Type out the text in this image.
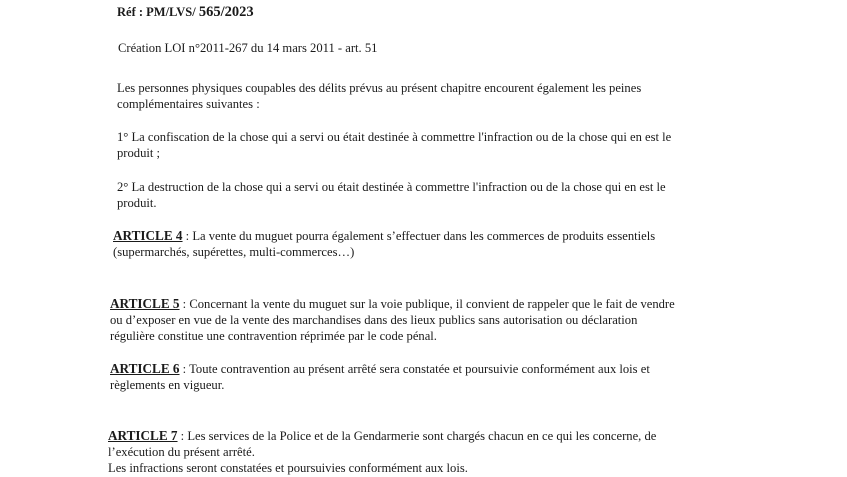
Réf : PM/LVS/ 565/2023

Création LOI n°2011-267 du 14 mars 2011 - art. 51

Les personnes physiques coupables des délits prévus au présent chapitre encourent également les peines

complémentaires suivantes :

1° La confiscation de la chose qui a servi ou était destinée à commettre l'infraction ou de la chose qui en est le

produit ;

2° La destruction de la chose qui a servi ou était destinée à commettre l'infraction ou de la chose qui en est le

produit.

ARTICLE 4 : La vente du muguet pourra également s’effectuer dans les commerces de produits essentiels

(supermarchés, supérettes, multi-commerces…)

ARTICLE 5 : Concernant la vente du muguet sur la voie publique, il convient de rappeler que le fait de vendre

ou d’exposer en vue de la vente des marchandises dans des lieux publics sans autorisation ou déclaration

régulière constitue une contravention réprimée par le code pénal.

ARTICLE 6 : Toute contravention au présent arrêté sera constatée et poursuivie conformément aux lois et

règlements en vigueur.

ARTICLE 7 : Les services de la Police et de la Gendarmerie sont chargés chacun en ce qui les concerne, de

l’exécution du présent arrêté.

Les infractions seront constatées et poursuivies conformément aux lois.
